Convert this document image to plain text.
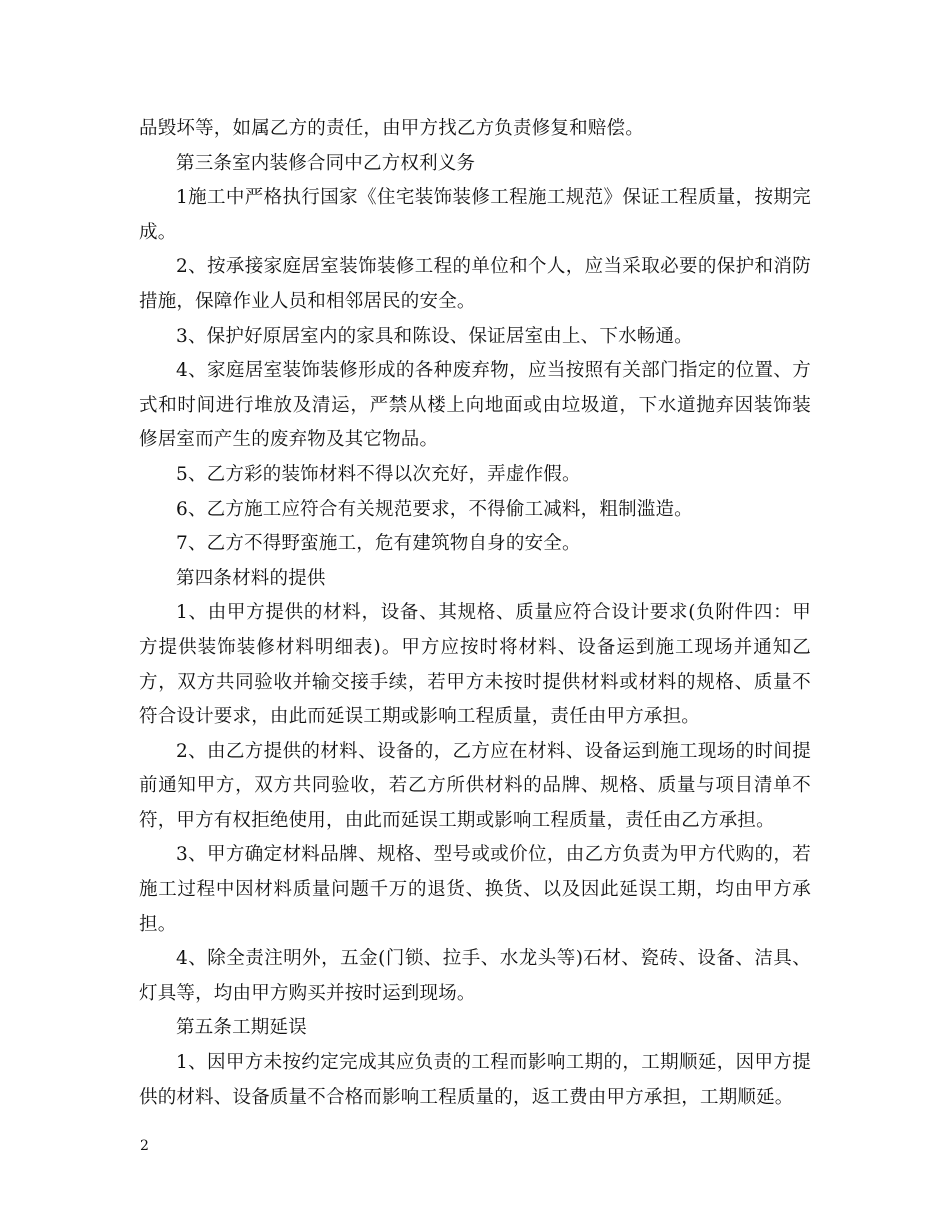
品毁坏等，如属乙方的责任，由甲方找乙方负责修复和赔偿。

第三条室内装修合同中乙方权利义务

1施工中严格执行国家《住宅装饰装修工程施工规范》保证工程质量，按期完成。

2、按承接家庭居室装饰装修工程的单位和个人，应当采取必要的保护和消防措施，保障作业人员和相邻居民的安全。

3、保护好原居室内的家具和陈设、保证居室由上、下水畅通。

4、家庭居室装饰装修形成的各种废弃物，应当按照有关部门指定的位置、方式和时间进行堆放及清运，严禁从楼上向地面或由垃圾道，下水道抛弃因装饰装修居室而产生的废弃物及其它物品。

5、乙方彩的装饰材料不得以次充好，弄虚作假。

6、乙方施工应符合有关规范要求，不得偷工减料，粗制滥造。

7、乙方不得野蛮施工，危有建筑物自身的安全。

第四条材料的提供

1、由甲方提供的材料，设备、其规格、质量应符合设计要求(负附件四：甲方提供装饰装修材料明细表)。甲方应按时将材料、设备运到施工现场并通知乙方，双方共同验收并输交接手续，若甲方未按时提供材料或材料的规格、质量不符合设计要求，由此而延误工期或影响工程质量，责任由甲方承担。

2、由乙方提供的材料、设备的，乙方应在材料、设备运到施工现场的时间提前通知甲方，双方共同验收，若乙方所供材料的品牌、规格、质量与项目清单不符，甲方有权拒绝使用，由此而延误工期或影响工程质量，责任由乙方承担。

3、甲方确定材料品牌、规格、型号或或价位，由乙方负责为甲方代购的，若施工过程中因材料质量问题千万的退货、换货、以及因此延误工期，均由甲方承担。

4、除全责注明外，五金(门锁、拉手、水龙头等)石材、瓷砖、设备、洁具、灯具等，均由甲方购买并按时运到现场。

第五条工期延误

1、因甲方未按约定完成其应负责的工程而影响工期的，工期顺延，因甲方提供的材料、设备质量不合格而影响工程质量的，返工费由甲方承担，工期顺延。

2
